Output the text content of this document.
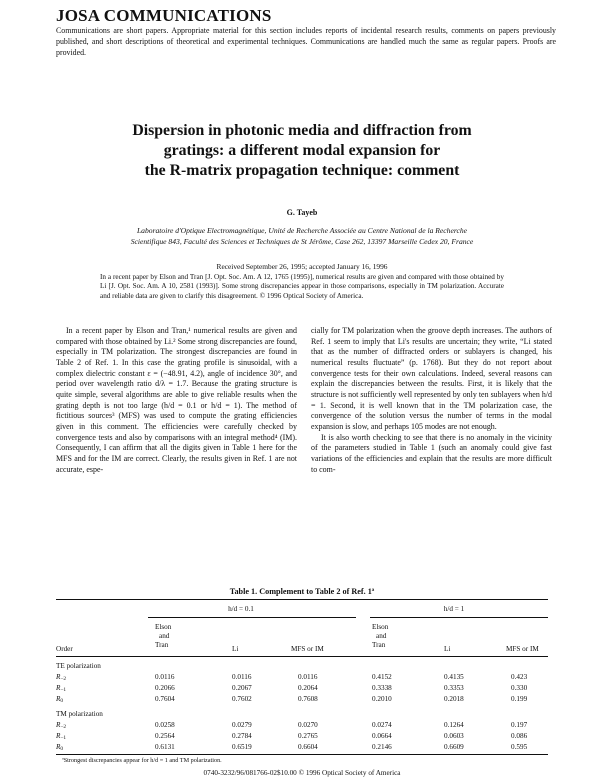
JOSA COMMUNICATIONS

Communications are short papers. Appropriate material for this section includes reports of incidental research results, comments on papers previously published, and short descriptions of theoretical and experimental techniques. Communications are handled much the same as regular papers. Proofs are provided.

Dispersion in photonic media and diffraction from
gratings: a different modal expansion for
the R-matrix propagation technique: comment

G. Tayeb

Laboratoire d'Optique Electromagnétique, Unité de Recherche Associée au Centre National de la Recherche
Scientifique 843, Faculté des Sciences et Techniques de St Jérôme, Case 262, 13397 Marseille Cedex 20, France

Received September 26, 1995; accepted January 16, 1996

In a recent paper by Elson and Tran [J. Opt. Soc. Am. A 12, 1765 (1995)], numerical results are given and compared with those obtained by Li [J. Opt. Soc. Am. A 10, 2581 (1993)]. Some strong discrepancies appear in those comparisons, especially in TM polarization. Accurate and reliable data are given to clarify this disagreement. © 1996 Optical Society of America.

In a recent paper by Elson and Tran,¹ numerical results are given and compared with those obtained by Li.² Some strong discrepancies are found, especially in TM polarization. The strongest discrepancies are found in Table 2 of Ref. 1. In this case the grating profile is sinusoidal, with a complex dielectric constant ε = (−48.91, 4.2), angle of incidence 30°, and period over wavelength ratio d/λ = 1.7. Because the grating structure is quite simple, several algorithms are able to give reliable results when the grating depth is not too large (h/d = 0.1 or h/d = 1). The method of fictitious sources³ (MFS) was used to compute the grating efficiencies given in this comment. The efficiencies were carefully checked by convergence tests and also by comparisons with an integral method⁴ (IM). Consequently, I can affirm that all the digits given in Table 1 here for the MFS and for the IM are correct. Clearly, the results given in Ref. 1 are not accurate, espe-

cially for TM polarization when the groove depth increases. The authors of Ref. 1 seem to imply that Li's results are uncertain; they write, “Li stated that as the number of diffracted orders or sublayers is changed, his numerical results fluctuate” (p. 1768). But they do not report about convergence tests for their own calculations. Indeed, several reasons can explain the discrepancies between the results. First, it is likely that the structure is not sufficiently well represented by only ten sublayers when h/d = 1. Second, it is well known that in the TM polarization case, the convergence of the solution versus the number of terms in the modal expansion is slow, and perhaps 105 modes are not enough.

It is also worth checking to see that there is no anomaly in the vicinity of the parameters studied in Table 1 (such an anomaly could give fast variations of the efficiencies and explain that the results are more difficult to com-

Table 1. Complement to Table 2 of Ref. 1ª

h/d = 0.1	h/d = 1
Order
Elson
and
Tran	Li	MFS or IM
Elson
and
Tran	Li	MFS or IM
TE polarization
R−2	0.0116	0.0116	0.0116	0.4152	0.4135	0.423
R−1	0.2066	0.2067	0.2064	0.3338	0.3353	0.330
R0	0.7604	0.7602	0.7608	0.2010	0.2018	0.199
TM polarization
R−2	0.0258	0.0279	0.0270	0.0274	0.1264	0.197
R−1	0.2564	0.2784	0.2765	0.0664	0.0603	0.086
R0	0.6131	0.6519	0.6604	0.2146	0.6609	0.595

ªStrongest discrepancies appear for h/d = 1 and TM polarization.

0740-3232/96/081766-02$10.00 © 1996 Optical Society of America
